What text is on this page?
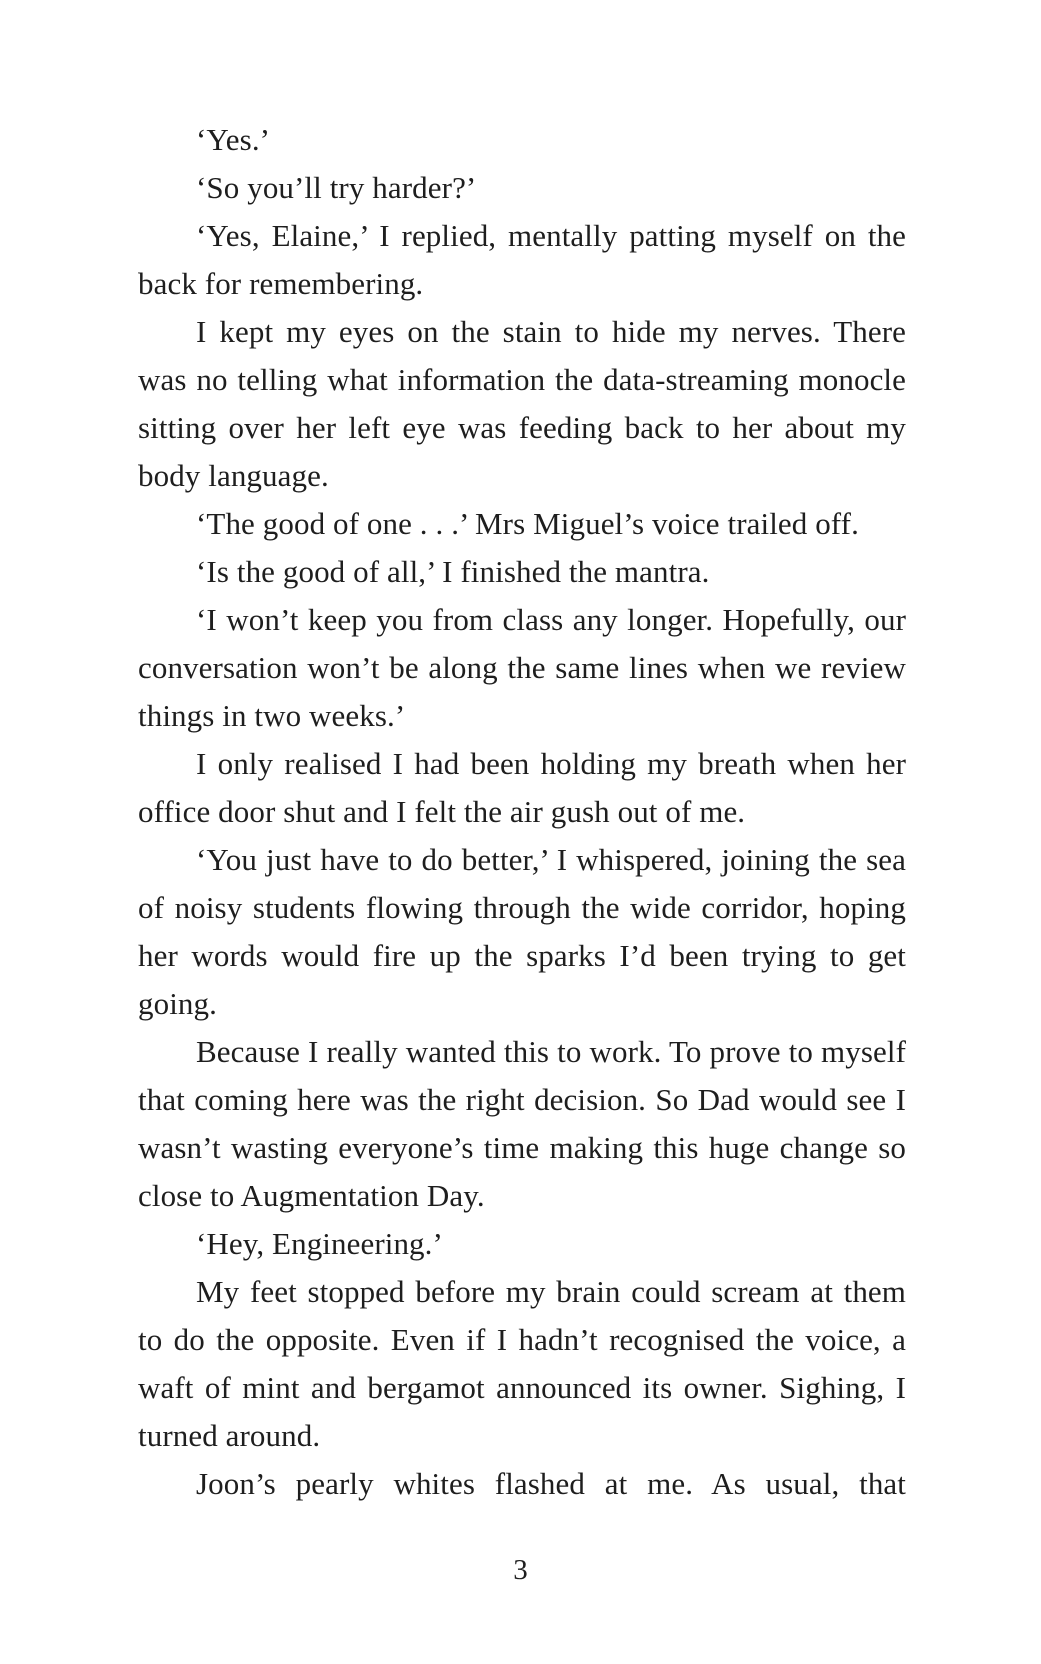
‘Yes.’

‘So you’ll try harder?’

‘Yes, Elaine,’ I replied, mentally patting myself on the back for remembering.

I kept my eyes on the stain to hide my nerves. There was no telling what information the data-streaming monocle sitting over her left eye was feeding back to her about my body language.

‘The good of one . . .’ Mrs Miguel’s voice trailed off.

‘Is the good of all,’ I finished the mantra.

‘I won’t keep you from class any longer. Hopefully, our conversation won’t be along the same lines when we review things in two weeks.’

I only realised I had been holding my breath when her office door shut and I felt the air gush out of me.

‘You just have to do better,’ I whispered, joining the sea of noisy students flowing through the wide corridor, hoping her words would fire up the sparks I’d been trying to get going.

Because I really wanted this to work. To prove to myself that coming here was the right decision. So Dad would see I wasn’t wasting everyone’s time making this huge change so close to Augmentation Day.

‘Hey, Engineering.’

My feet stopped before my brain could scream at them to do the opposite. Even if I hadn’t recognised the voice, a waft of mint and bergamot announced its owner. Sighing, I turned around.

Joon’s pearly whites flashed at me. As usual, that

3
